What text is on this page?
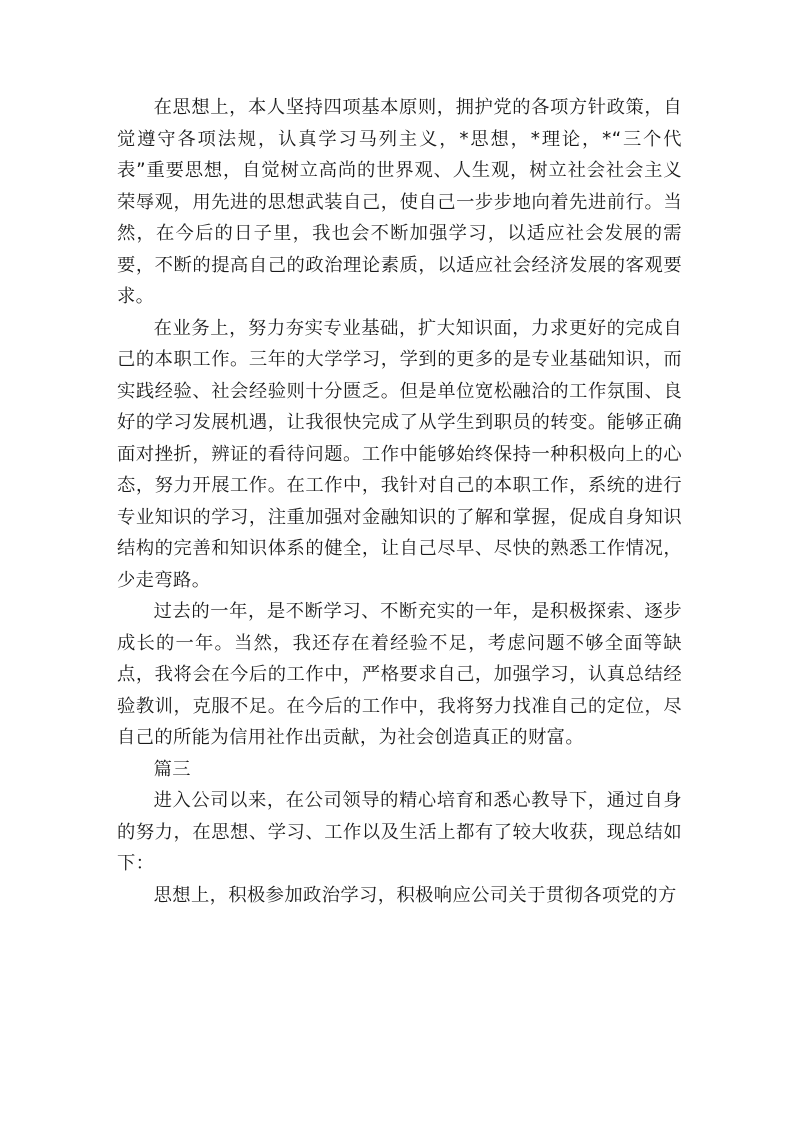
在思想上，本人坚持四项基本原则，拥护党的各项方针政策，自觉遵守各项法规，认真学习马列主义，*思想，*理论，*“三个代表”重要思想，自觉树立高尚的世界观、人生观，树立社会社会主义荣辱观，用先进的思想武装自己，使自己一步步地向着先进前行。当然，在今后的日子里，我也会不断加强学习，以适应社会发展的需要，不断的提高自己的政治理论素质，以适应社会经济发展的客观要求。

在业务上，努力夯实专业基础，扩大知识面，力求更好的完成自己的本职工作。三年的大学学习，学到的更多的是专业基础知识，而实践经验、社会经验则十分匮乏。但是单位宽松融洽的工作氛围、良好的学习发展机遇，让我很快完成了从学生到职员的转变。能够正确面对挫折，辨证的看待问题。工作中能够始终保持一种积极向上的心态，努力开展工作。在工作中，我针对自己的本职工作，系统的进行专业知识的学习，注重加强对金融知识的了解和掌握，促成自身知识结构的完善和知识体系的健全，让自己尽早、尽快的熟悉工作情况，少走弯路。

过去的一年，是不断学习、不断充实的一年，是积极探索、逐步成长的一年。当然，我还存在着经验不足，考虑问题不够全面等缺点，我将会在今后的工作中，严格要求自己，加强学习，认真总结经验教训，克服不足。在今后的工作中，我将努力找准自己的定位，尽自己的所能为信用社作出贡献，为社会创造真正的财富。

篇三

进入公司以来，在公司领导的精心培育和悉心教导下，通过自身的努力，在思想、学习、工作以及生活上都有了较大收获，现总结如下：

思想上，积极参加政治学习，积极响应公司关于贯彻各项党的方
